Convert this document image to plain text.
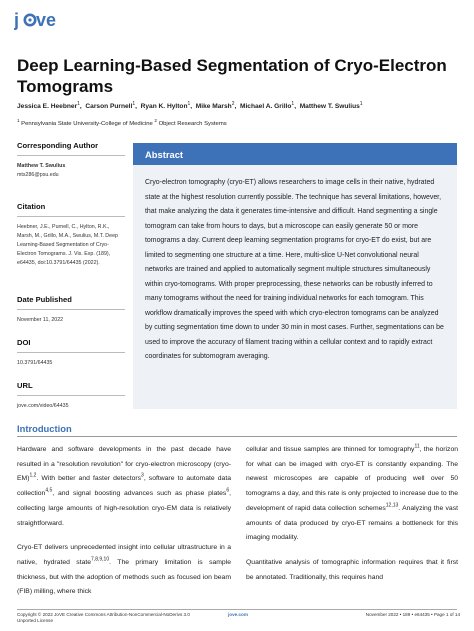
j ve
Deep Learning-Based Segmentation of Cryo-Electron Tomograms
Jessica E. Heebner$^1$,  Carson Purnell$^1$,  Ryan K. Hylton$^1$,  Mike Marsh$^2$,  Michael A. Grillo$^1$,  Matthew T. Swulius$^1$
$^1$ Pennsylvania State University-College of Medicine $^2$ Object Research Systems
Corresponding Author
Matthew T. Swulius
mts286@psu.edu
Citation
Heebner, J.E., Purnell, C., Hylton, R.K., Marsh, M., Grillo, M.A., Swulius, M.T. Deep Learning-Based Segmentation of Cryo-Electron Tomograms. J. Vis. Exp. (189), e64435, doi:10.3791/64435 (2022).
Date Published
November 11, 2022
DOI
10.3791/64435
URL
jove.com/video/64435
Abstract
Cryo-electron tomography (cryo-ET) allows researchers to image cells in their native, hydrated state at the highest resolution currently possible. The technique has several limitations, however, that make analyzing the data it generates time-intensive and difficult. Hand segmenting a single tomogram can take from hours to days, but a microscope can easily generate 50 or more tomograms a day. Current deep learning segmentation programs for cryo-ET do exist, but are limited to segmenting one structure at a time. Here, multi-slice U-Net convolutional neural networks are trained and applied to automatically segment multiple structures simultaneously within cryo-tomograms. With proper preprocessing, these networks can be robustly inferred to many tomograms without the need for training individual networks for each tomogram. This workflow dramatically improves the speed with which cryo-electron tomograms can be analyzed by cutting segmentation time down to under 30 min in most cases. Further, segmentations can be used to improve the accuracy of filament tracing within a cellular context and to rapidly extract coordinates for subtomogram averaging.
Introduction

Hardware and software developments in the past decade have resulted in a "resolution revolution" for cryo-electron microscopy (cryo-EM)$^{1,2}$. With better and faster detectors$^3$, software to automate data collection$^{4,5}$, and signal boosting advances such as phase plates$^6$, collecting large amounts of high-resolution cryo-EM data is relatively straightforward.

Cryo-ET delivers unprecedented insight into cellular ultrastructure in a native, hydrated state$^{7,8,9,10}$. The primary limitation is sample thickness, but with the adoption of methods such as focused ion beam (FIB) milling, where thick

cellular and tissue samples are thinned for tomography$^{11}$, the horizon for what can be imaged with cryo-ET is constantly expanding. The newest microscopes are capable of producing well over 50 tomograms a day, and this rate is only projected to increase due to the development of rapid data collection schemes$^{12,13}$. Analyzing the vast amounts of data produced by cryo-ET remains a bottleneck for this imaging modality.

Quantitative analysis of tomographic information requires that it first be annotated. Traditionally, this requires hand

Copyright © 2022 JoVE Creative Commons Attribution-NonCommercial-NoDerivs 3.0 Unported License
jove.com	November 2022 • 189 • e64435 • Page 1 of 14
